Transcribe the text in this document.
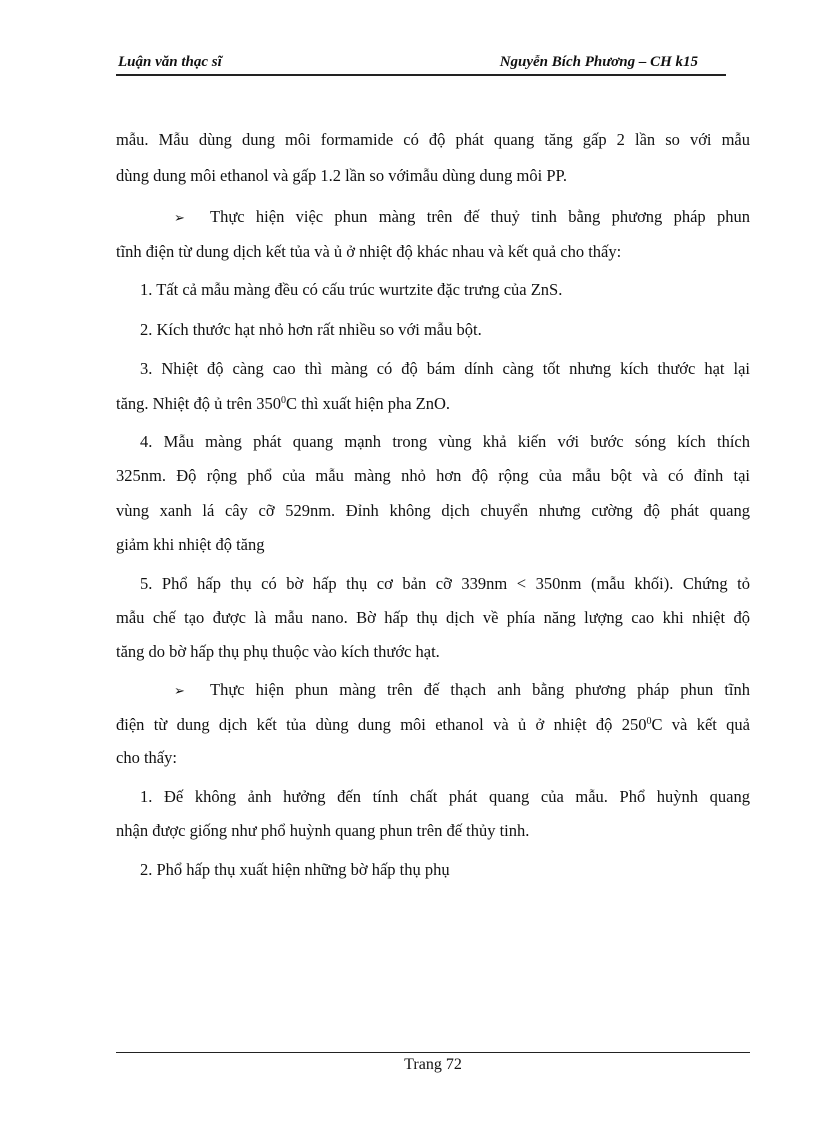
Luận văn thạc sĩ	Nguyễn Bích Phương – CH k15
mẫu. Mẫu dùng dung môi formamide có độ phát quang tăng gấp 2 lần so với mẫu
dùng dung môi ethanol và gấp 1.2 lần so vớimẫu dùng dung môi PP.
➢ Thực hiện việc phun màng trên đế thuỷ tinh bằng phương pháp phun
tĩnh điện từ dung dịch kết tủa và ủ ở nhiệt độ khác nhau và kết quả cho thấy:
1. Tất cả mẫu màng đều có cấu trúc wurtzite đặc trưng của ZnS.
2. Kích thước hạt nhỏ hơn rất nhiều so với mẫu bột.
3. Nhiệt độ càng cao thì màng có độ bám dính càng tốt nhưng kích thước hạt lại
tăng. Nhiệt độ ủ trên $350^0C$ thì xuất hiện pha ZnO.
4. Mẫu màng phát quang mạnh trong vùng khả kiến với bước sóng kích thích
325nm. Độ rộng phổ của mẫu màng nhỏ hơn độ rộng của mẫu bột và có đỉnh tại
vùng xanh lá cây cỡ 529nm. Đỉnh không dịch chuyển nhưng cường độ phát quang
giảm khi nhiệt độ tăng
5. Phổ hấp thụ có bờ hấp thụ cơ bản cỡ 339nm < 350nm (mẫu khối). Chứng tỏ
mẫu chế tạo được là mẫu nano. Bờ hấp thụ dịch về phía năng lượng cao khi nhiệt độ
tăng do bờ hấp thụ phụ thuộc vào kích thước hạt.
➢ Thực hiện phun màng trên đế thạch anh bằng phương pháp phun tĩnh
điện từ dung dịch kết tủa dùng dung môi ethanol và ủ ở nhiệt độ $250^0C$ và kết quả
cho thấy:
1. Đế không ảnh hưởng đến tính chất phát quang của mẫu. Phổ huỳnh quang
nhận được giống như phổ huỳnh quang phun trên đế thủy tinh.
2. Phổ hấp thụ xuất hiện những bờ hấp thụ phụ
Trang 72
